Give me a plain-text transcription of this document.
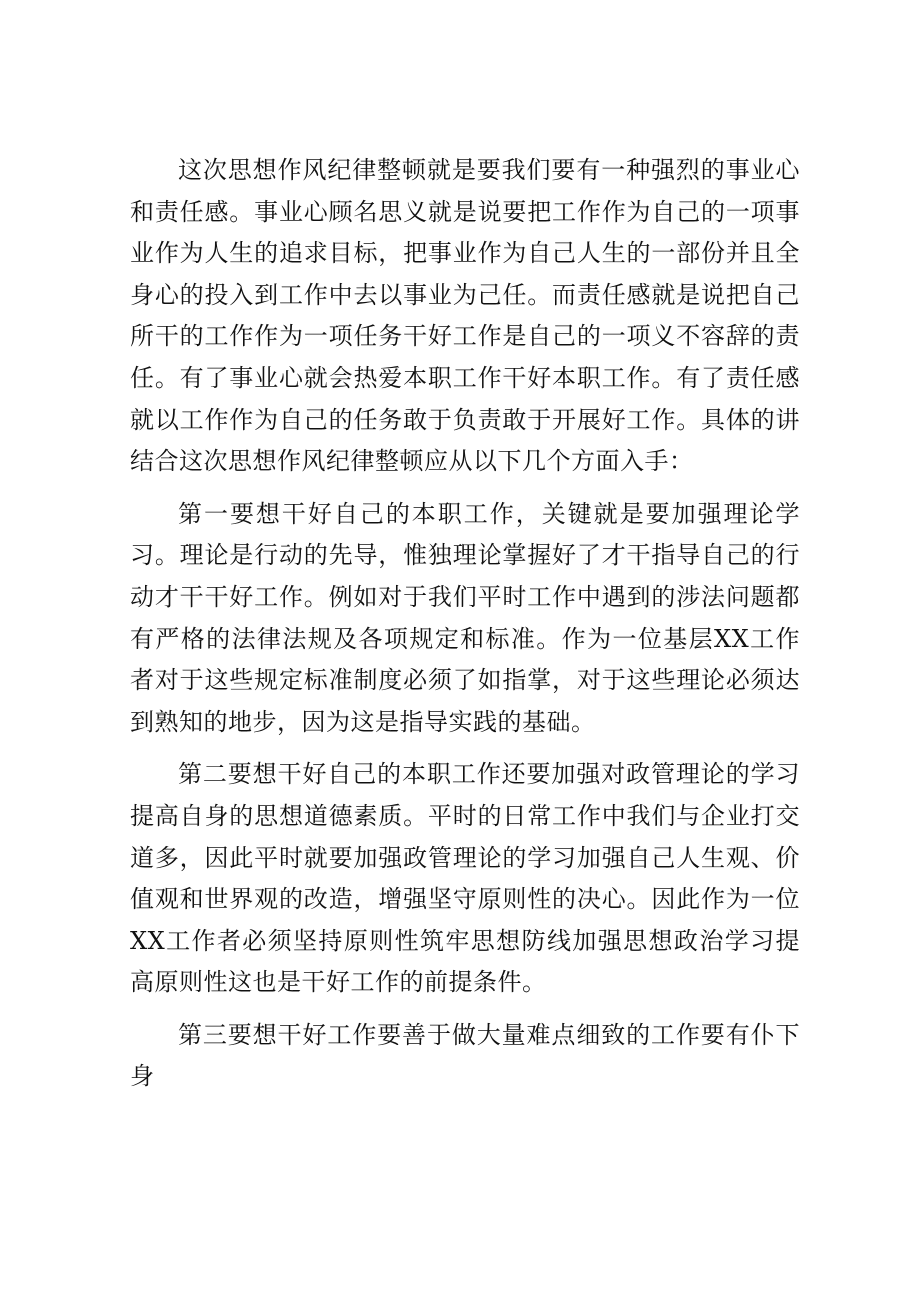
这次思想作风纪律整顿就是要我们要有一种强烈的事业心和责任感。事业心顾名思义就是说要把工作作为自己的一项事业作为人生的追求目标，把事业作为自己人生的一部份并且全身心的投入到工作中去以事业为己任。而责任感就是说把自己所干的工作作为一项任务干好工作是自己的一项义不容辞的责任。有了事业心就会热爱本职工作干好本职工作。有了责任感就以工作作为自己的任务敢于负责敢于开展好工作。具体的讲结合这次思想作风纪律整顿应从以下几个方面入手：

第一要想干好自己的本职工作，关键就是要加强理论学习。理论是行动的先导，惟独理论掌握好了才干指导自己的行动才干干好工作。例如对于我们平时工作中遇到的涉法问题都有严格的法律法规及各项规定和标准。作为一位基层XX工作者对于这些规定标准制度必须了如指掌，对于这些理论必须达到熟知的地步，因为这是指导实践的基础。

第二要想干好自己的本职工作还要加强对政管理论的学习提高自身的思想道德素质。平时的日常工作中我们与企业打交道多，因此平时就要加强政管理论的学习加强自己人生观、价值观和世界观的改造，增强坚守原则性的决心。因此作为一位XX工作者必须坚持原则性筑牢思想防线加强思想政治学习提高原则性这也是干好工作的前提条件。

第三要想干好工作要善于做大量难点细致的工作要有仆下身
